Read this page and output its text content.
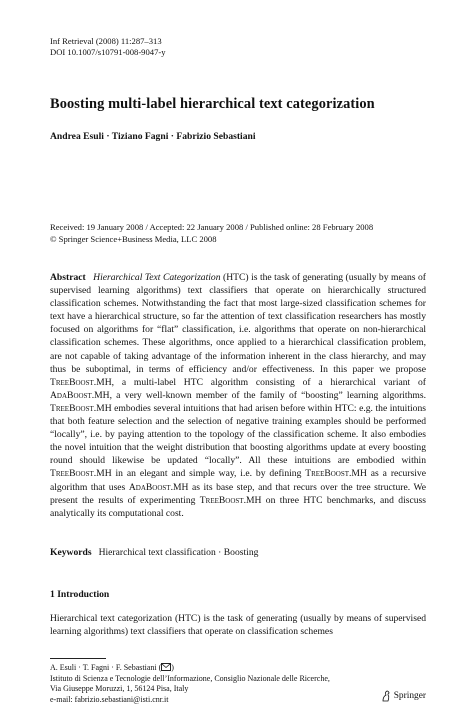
Inf Retrieval (2008) 11:287–313
DOI 10.1007/s10791-008-9047-y
Boosting multi-label hierarchical text categorization
Andrea Esuli · Tiziano Fagni · Fabrizio Sebastiani
Received: 19 January 2008 / Accepted: 22 January 2008 / Published online: 28 February 2008
© Springer Science+Business Media, LLC 2008
Abstract Hierarchical Text Categorization (HTC) is the task of generating (usually by means of supervised learning algorithms) text classifiers that operate on hierarchically structured classification schemes. Notwithstanding the fact that most large-sized classification schemes for text have a hierarchical structure, so far the attention of text classification researchers has mostly focused on algorithms for “flat” classification, i.e. algorithms that operate on non-hierarchical classification schemes. These algorithms, once applied to a hierarchical classification problem, are not capable of taking advantage of the information inherent in the class hierarchy, and may thus be suboptimal, in terms of efficiency and/or effectiveness. In this paper we propose TreeBoost.MH, a multi-label HTC algorithm consisting of a hierarchical variant of AdaBoost.MH, a very well-known member of the family of “boosting” learning algorithms. TreeBoost.MH embodies several intuitions that had arisen before within HTC: e.g. the intuitions that both feature selection and the selection of negative training examples should be performed “locally”, i.e. by paying attention to the topology of the classification scheme. It also embodies the novel intuition that the weight distribution that boosting algorithms update at every boosting round should likewise be updated “locally”. All these intuitions are embodied within TreeBoost.MH in an elegant and simple way, i.e. by defining TreeBoost.MH as a recursive algorithm that uses AdaBoost.MH as its base step, and that recurs over the tree structure. We present the results of experimenting TreeBoost.MH on three HTC benchmarks, and discuss analytically its computational cost.
Keywords Hierarchical text classification · Boosting
1 Introduction
Hierarchical text categorization (HTC) is the task of generating (usually by means of supervised learning algorithms) text classifiers that operate on classification schemes
A. Esuli · T. Fagni · F. Sebastiani ( )
Istituto di Scienza e Tecnologie dell’Informazione, Consiglio Nazionale delle Ricerche,
Via Giuseppe Moruzzi, 1, 56124 Pisa, Italy
e-mail: fabrizio.sebastiani@isti.cnr.it	Springer
